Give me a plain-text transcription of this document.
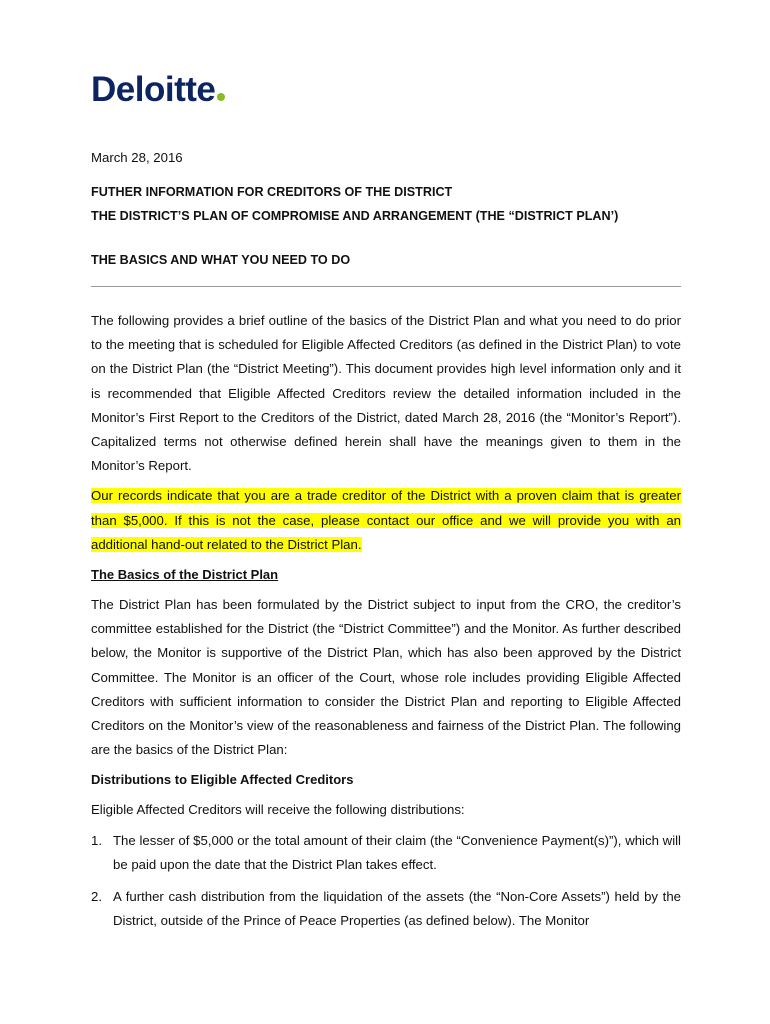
Deloitte

March 28, 2016

FUTHER INFORMATION FOR CREDITORS OF THE DISTRICT

THE DISTRICT’S PLAN OF COMPROMISE AND ARRANGEMENT (THE “DISTRICT PLAN’)

THE BASICS AND WHAT YOU NEED TO DO

The following provides a brief outline of the basics of the District Plan and what you need to do prior to the meeting that is scheduled for Eligible Affected Creditors (as defined in the District Plan) to vote on the District Plan (the “District Meeting”). This document provides high level information only and it is recommended that Eligible Affected Creditors review the detailed information included in the Monitor’s First Report to the Creditors of the District, dated March 28, 2016 (the “Monitor’s Report”). Capitalized terms not otherwise defined herein shall have the meanings given to them in the Monitor’s Report.

Our records indicate that you are a trade creditor of the District with a proven claim that is greater than $5,000. If this is not the case, please contact our office and we will provide you with an additional hand-out related to the District Plan.

The Basics of the District Plan

The District Plan has been formulated by the District subject to input from the CRO, the creditor’s committee established for the District (the “District Committee”) and the Monitor. As further described below, the Monitor is supportive of the District Plan, which has also been approved by the District Committee. The Monitor is an officer of the Court, whose role includes providing Eligible Affected Creditors with sufficient information to consider the District Plan and reporting to Eligible Affected Creditors on the Monitor’s view of the reasonableness and fairness of the District Plan. The following are the basics of the District Plan:

Distributions to Eligible Affected Creditors

Eligible Affected Creditors will receive the following distributions:

1. The lesser of $5,000 or the total amount of their claim (the “Convenience Payment(s)”), which will be paid upon the date that the District Plan takes effect.
2. A further cash distribution from the liquidation of the assets (the “Non-Core Assets”) held by the District, outside of the Prince of Peace Properties (as defined below). The Monitor
